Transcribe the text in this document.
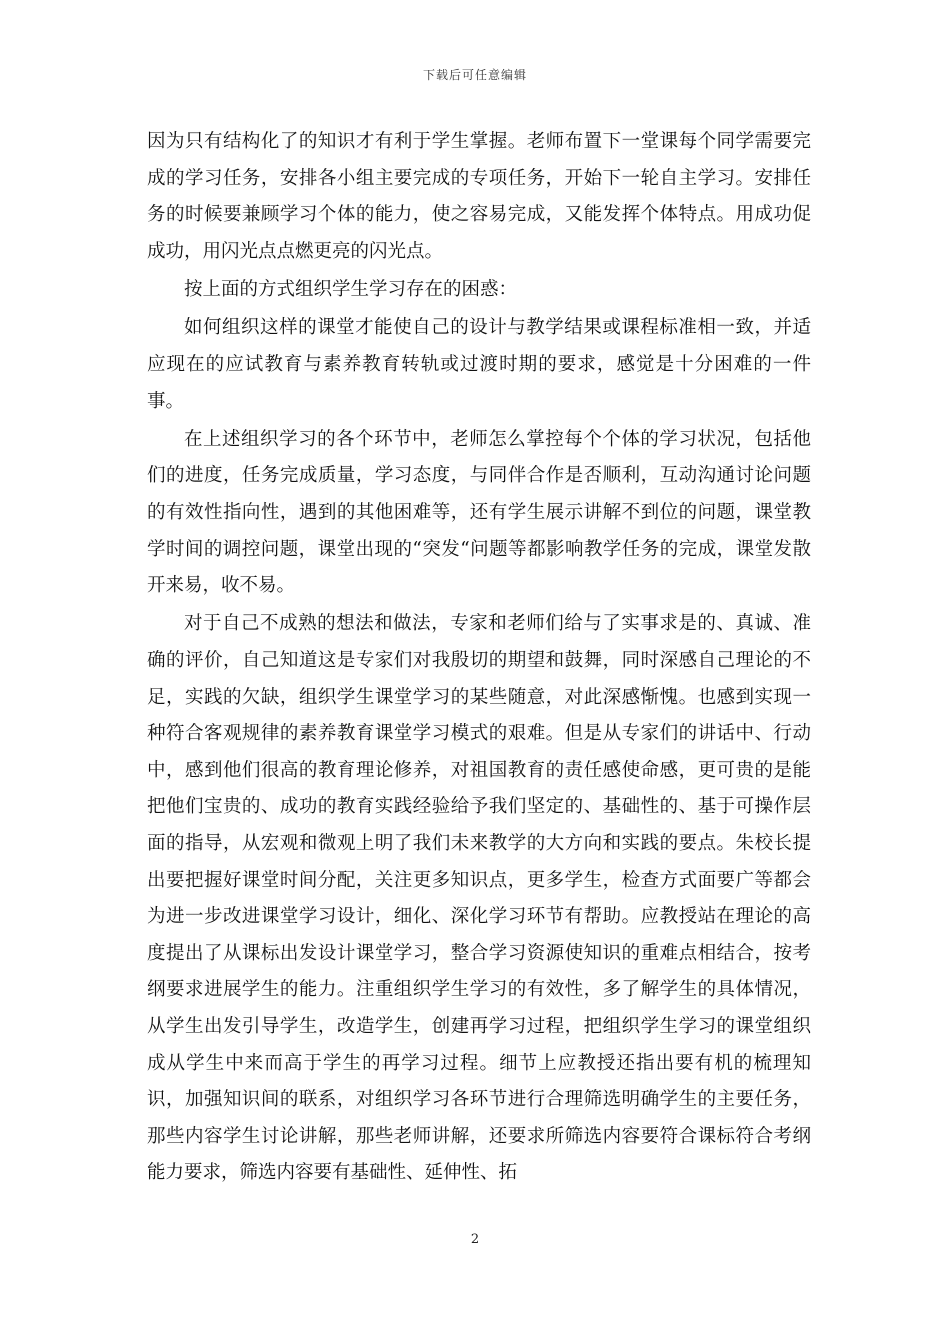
下载后可任意编辑

因为只有结构化了的知识才有利于学生掌握。老师布置下一堂课每个同学需要完成的学习任务，安排各小组主要完成的专项任务，开始下一轮自主学习。安排任务的时候要兼顾学习个体的能力，使之容易完成，又能发挥个体特点。用成功促成功，用闪光点点燃更亮的闪光点。

按上面的方式组织学生学习存在的困惑：

如何组织这样的课堂才能使自己的设计与教学结果或课程标准相一致，并适应现在的应试教育与素养教育转轨或过渡时期的要求，感觉是十分困难的一件事。

在上述组织学习的各个环节中，老师怎么掌控每个个体的学习状况，包括他们的进度，任务完成质量，学习态度，与同伴合作是否顺利，互动沟通讨论问题的有效性指向性，遇到的其他困难等，还有学生展示讲解不到位的问题，课堂教学时间的调控问题，课堂出现的“突发“问题等都影响教学任务的完成，课堂发散开来易，收不易。

对于自己不成熟的想法和做法，专家和老师们给与了实事求是的、真诚、准确的评价，自己知道这是专家们对我殷切的期望和鼓舞，同时深感自己理论的不足，实践的欠缺，组织学生课堂学习的某些随意，对此深感惭愧。也感到实现一种符合客观规律的素养教育课堂学习模式的艰难。但是从专家们的讲话中、行动中，感到他们很高的教育理论修养，对祖国教育的责任感使命感，更可贵的是能把他们宝贵的、成功的教育实践经验给予我们坚定的、基础性的、基于可操作层面的指导，从宏观和微观上明了我们未来教学的大方向和实践的要点。朱校长提出要把握好课堂时间分配，关注更多知识点，更多学生，检查方式面要广等都会为进一步改进课堂学习设计，细化、深化学习环节有帮助。应教授站在理论的高度提出了从课标出发设计课堂学习，整合学习资源使知识的重难点相结合，按考纲要求进展学生的能力。注重组织学生学习的有效性，多了解学生的具体情况，从学生出发引导学生，改造学生，创建再学习过程，把组织学生学习的课堂组织成从学生中来而高于学生的再学习过程。细节上应教授还指出要有机的梳理知识，加强知识间的联系，对组织学习各环节进行合理筛选明确学生的主要任务，那些内容学生讨论讲解，那些老师讲解，还要求所筛选内容要符合课标符合考纲能力要求，筛选内容要有基础性、延伸性、拓

2
